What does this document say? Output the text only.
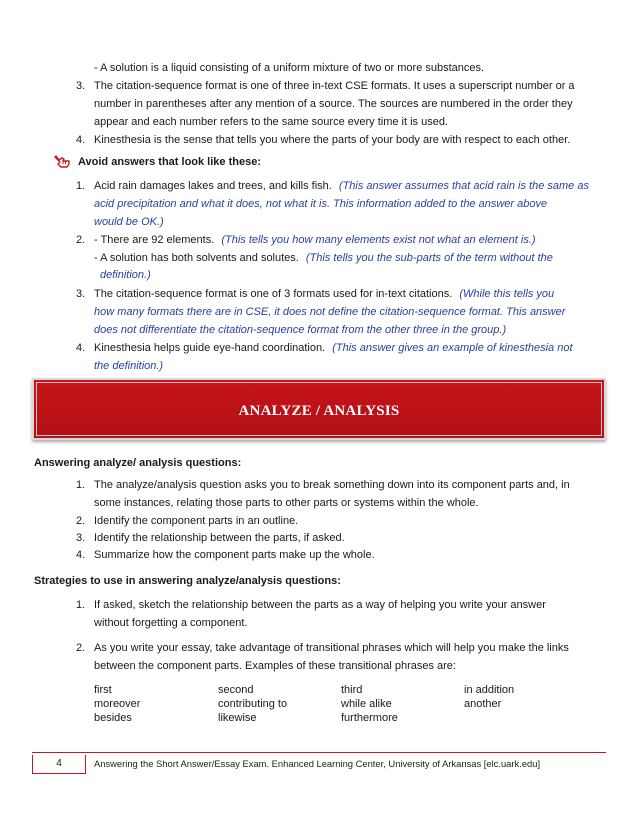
- A solution is a liquid consisting of a uniform mixture of two or more substances.
3. The citation-sequence format is one of three in-text CSE formats. It uses a superscript number or a
number in parentheses after any mention of a source. The sources are numbered in the order they
appear and each number refers to the same source every time it is used.
4. Kinesthesia is the sense that tells you where the parts of your body are with respect to each other.
Avoid answers that look like these:
1. Acid rain damages lakes and trees, and kills fish. (This answer assumes that acid rain is the same as
acid precipitation and what it does, not what it is. This information added to the answer above
would be OK.)
2. - There are 92 elements. (This tells you how many elements exist not what an element is.)
- A solution has both solvents and solutes. (This tells you the sub-parts of the term without the
definition.)
3. The citation-sequence format is one of 3 formats used for in-text citations. (While this tells you
how many formats there are in CSE, it does not define the citation-sequence format. This answer
does not differentiate the citation-sequence format from the other three in the group.)
4. Kinesthesia helps guide eye-hand coordination. (This answer gives an example of kinesthesia not
the definition.)
ANALYZE / ANALYSIS
Answering analyze/ analysis questions:
1. The analyze/analysis question asks you to break something down into its component parts and, in
some instances, relating those parts to other parts or systems within the whole.
2. Identify the component parts in an outline.
3. Identify the relationship between the parts, if asked.
4. Summarize how the component parts make up the whole.
Strategies to use in answering analyze/analysis questions:
1. If asked, sketch the relationship between the parts as a way of helping you write your answer
without forgetting a component.
2. As you write your essay, take advantage of transitional phrases which will help you make the links
between the component parts. Examples of these transitional phrases are:
first	second	third	in addition
moreover	contributing to	while alike	another
besides	likewise	furthermore
4	Answering the Short Answer/Essay Exam. Enhanced Learning Center, University of Arkansas [elc.uark.edu]
